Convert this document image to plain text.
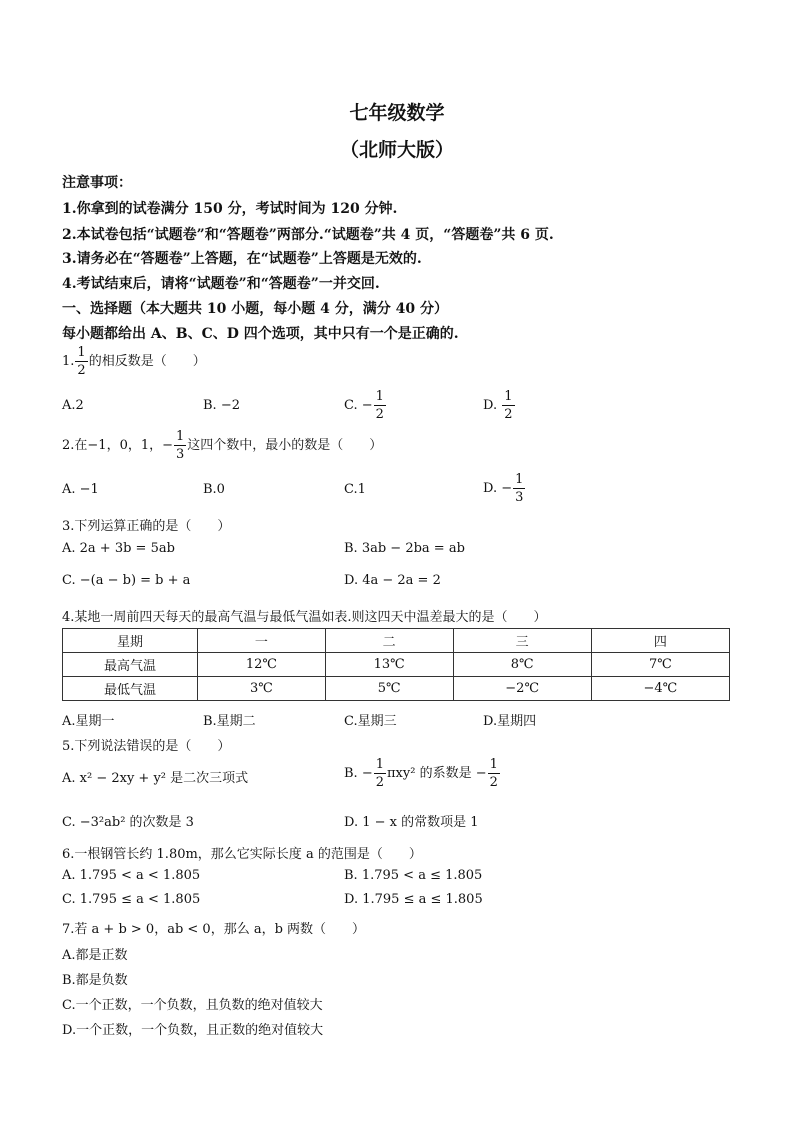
七年级数学
（北师大版）
注意事项：
1.你拿到的试卷满分 150 分，考试时间为 120 分钟.
2.本试卷包括“试题卷”和“答题卷”两部分.“试题卷”共 4 页，“答题卷”共 6 页.
3.请务必在“答题卷”上答题，在“试题卷”上答题是无效的.
4.考试结束后，请将“试题卷”和“答题卷”一并交回.
一、选择题（本大题共 10 小题，每小题 4 分，满分 40 分）
每小题都给出 A、B、C、D 四个选项，其中只有一个是正确的.
1. $\frac{1}{2}$ 的相反数是（　　）
A.2	B. −2	C. − $\frac{1}{2}$	D. $\frac{1}{2}$
2.在−1，0，1，− $\frac{1}{3}$ 这四个数中，最小的数是（　　）
A. −1	B.0	C.1	D. − $\frac{1}{3}$
3.下列运算正确的是（　　）
A. 2a + 3b = 5ab	B. 3ab − 2ba = ab
C. −(a − b) = b + a	D. 4a − 2a = 2
4.某地一周前四天每天的最高气温与最低气温如表.则这四天中温差最大的是（　　）
星期	一	二	三	四
最高气温	12℃	13℃	8℃	7℃
最低气温	3℃	5℃	−2℃	−4℃
A.星期一	B.星期二	C.星期三	D.星期四
5.下列说法错误的是（　　）
A. x² − 2xy + y² 是二次三项式	B. − $\frac{1}{2} \pi xy^2$ 的系数是 − $\frac{1}{2}$
C. −3²ab² 的次数是 3	D. 1 − x 的常数项是 1
6.一根钢管长约 1.80m，那么它实际长度 a 的范围是（　　）
A. 1.795 < a < 1.805	B. 1.795 < a ≤ 1.805
C. 1.795 ≤ a < 1.805	D. 1.795 ≤ a ≤ 1.805
7.若 a + b > 0，ab < 0，那么 a，b 两数（　　）
A.都是正数
B.都是负数
C.一个正数，一个负数，且负数的绝对值较大
D.一个正数，一个负数，且正数的绝对值较大
